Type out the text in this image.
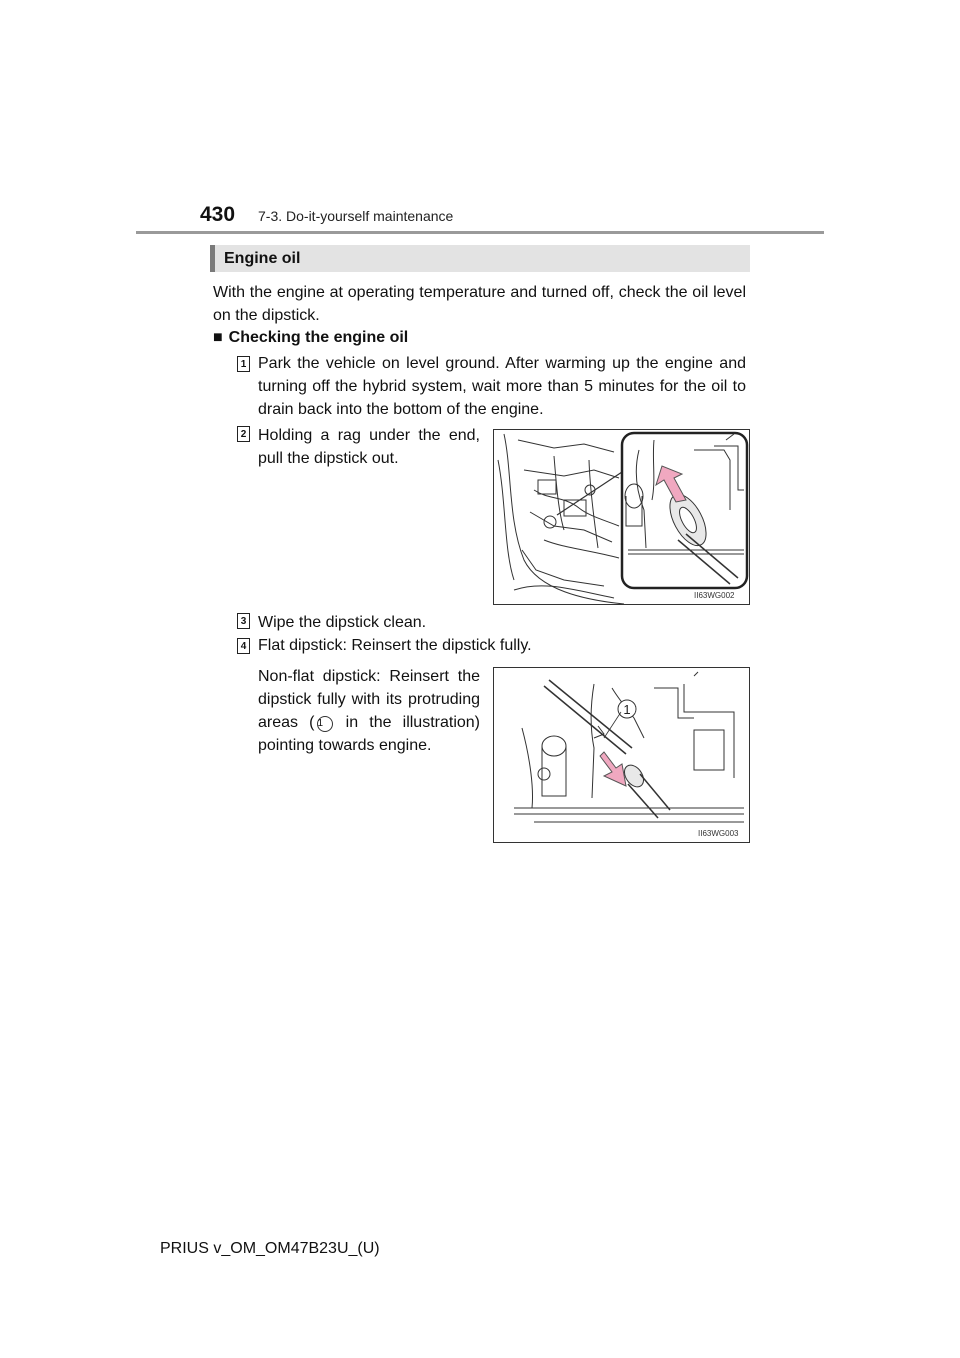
430 7-3. Do-it-yourself maintenance
Engine oil
With the engine at operating temperature and turned off, check the oil level on the dipstick.
■ Checking the engine oil
1 Park the vehicle on level ground. After warming up the engine and turning off the hybrid system, wait more than 5 minutes for the oil to drain back into the bottom of the engine.
2 Holding a rag under the end, pull the dipstick out.
II63WG002
3 Wipe the dipstick clean.
4 Flat dipstick: Reinsert the dipstick fully.
Non-flat dipstick: Reinsert the dipstick fully with its protruding areas ( 1 in the illustration) pointing towards engine.
1
II63WG003
PRIUS v_OM_OM47B23U_(U)
